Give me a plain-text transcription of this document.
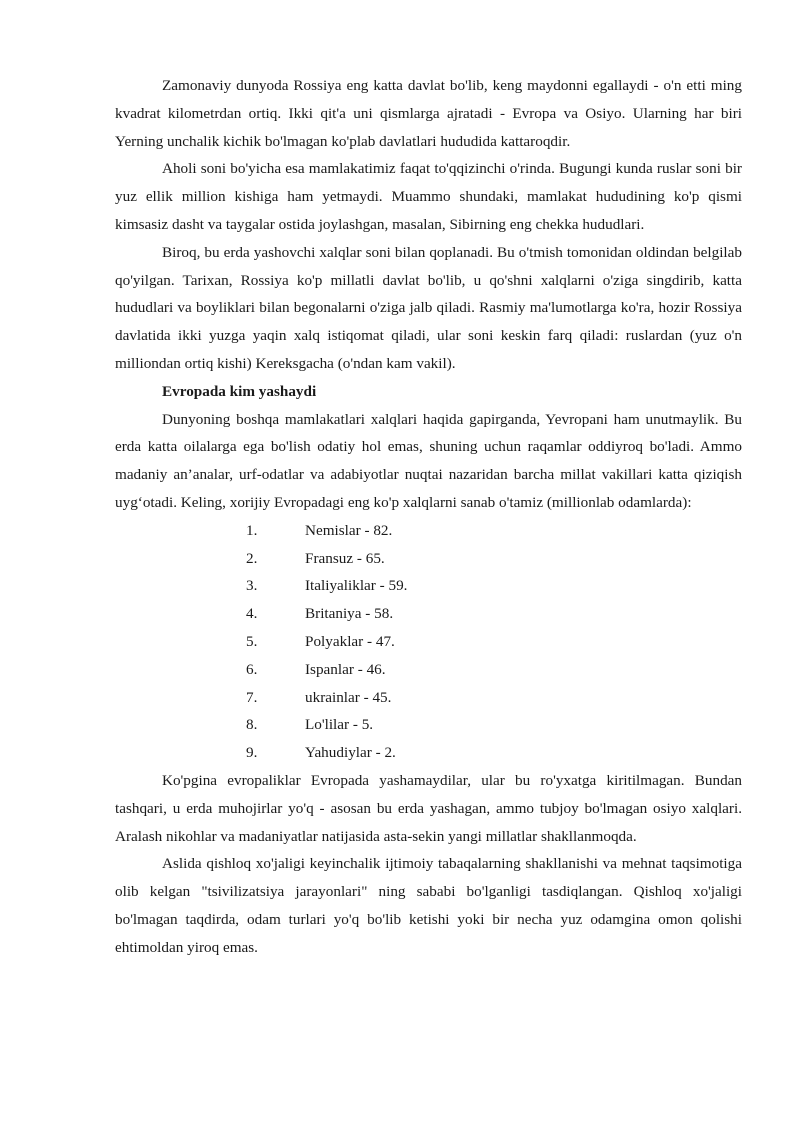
Zamonaviy dunyoda Rossiya eng katta davlat bo'lib, keng maydonni egallaydi - o'n etti ming kvadrat kilometrdan ortiq. Ikki qit'a uni qismlarga ajratadi - Evropa va Osiyo. Ularning har biri Yerning unchalik kichik bo'lmagan ko'plab davlatlari hududida kattaroqdir.

Aholi soni bo'yicha esa mamlakatimiz faqat to'qqizinchi o'rinda. Bugungi kunda ruslar soni bir yuz ellik million kishiga ham yetmaydi. Muammo shundaki, mamlakat hududining ko'p qismi kimsasiz dasht va taygalar ostida joylashgan, masalan, Sibirning eng chekka hududlari.

Biroq, bu erda yashovchi xalqlar soni bilan qoplanadi. Bu o'tmish tomonidan oldindan belgilab qo'yilgan. Tarixan, Rossiya ko'p millatli davlat bo'lib, u qo'shni xalqlarni o'ziga singdirib, katta hududlari va boyliklari bilan begonalarni o'ziga jalb qiladi. Rasmiy ma'lumotlarga ko'ra, hozir Rossiya davlatida ikki yuzga yaqin xalq istiqomat qiladi, ular soni keskin farq qiladi: ruslardan (yuz o'n milliondan ortiq kishi) Kereksgacha (o'ndan kam vakil).

Evropada kim yashaydi

Dunyoning boshqa mamlakatlari xalqlari haqida gapirganda, Yevropani ham unutmaylik. Bu erda katta oilalarga ega bo'lish odatiy hol emas, shuning uchun raqamlar oddiyroq bo'ladi. Ammo madaniy an’analar, urf-odatlar va adabiyotlar nuqtai nazaridan barcha millat vakillari katta qiziqish uygʻotadi. Keling, xorijiy Evropadagi eng ko'p xalqlarni sanab o'tamiz (millionlab odamlarda):

1.	Nemislar - 82.
2.	Fransuz - 65.
3.	Italiyaliklar - 59.
4.	Britaniya - 58.
5.	Polyaklar - 47.
6.	Ispanlar - 46.
7.	ukrainlar - 45.
8.	Lo'lilar - 5.
9.	Yahudiylar - 2.

Ko'pgina evropaliklar Evropada yashamaydilar, ular bu ro'yxatga kiritilmagan. Bundan tashqari, u erda muhojirlar yo'q - asosan bu erda yashagan, ammo tubjoy bo'lmagan osiyo xalqlari. Aralash nikohlar va madaniyatlar natijasida asta-sekin yangi millatlar shakllanmoqda.

Aslida qishloq xo'jaligi keyinchalik ijtimoiy tabaqalarning shakllanishi va mehnat taqsimotiga olib kelgan "tsivilizatsiya jarayonlari" ning sababi bo'lganligi tasdiqlangan. Qishloq xo'jaligi bo'lmagan taqdirda, odam turlari yo'q bo'lib ketishi yoki bir necha yuz odamgina omon qolishi ehtimoldan yiroq emas.
